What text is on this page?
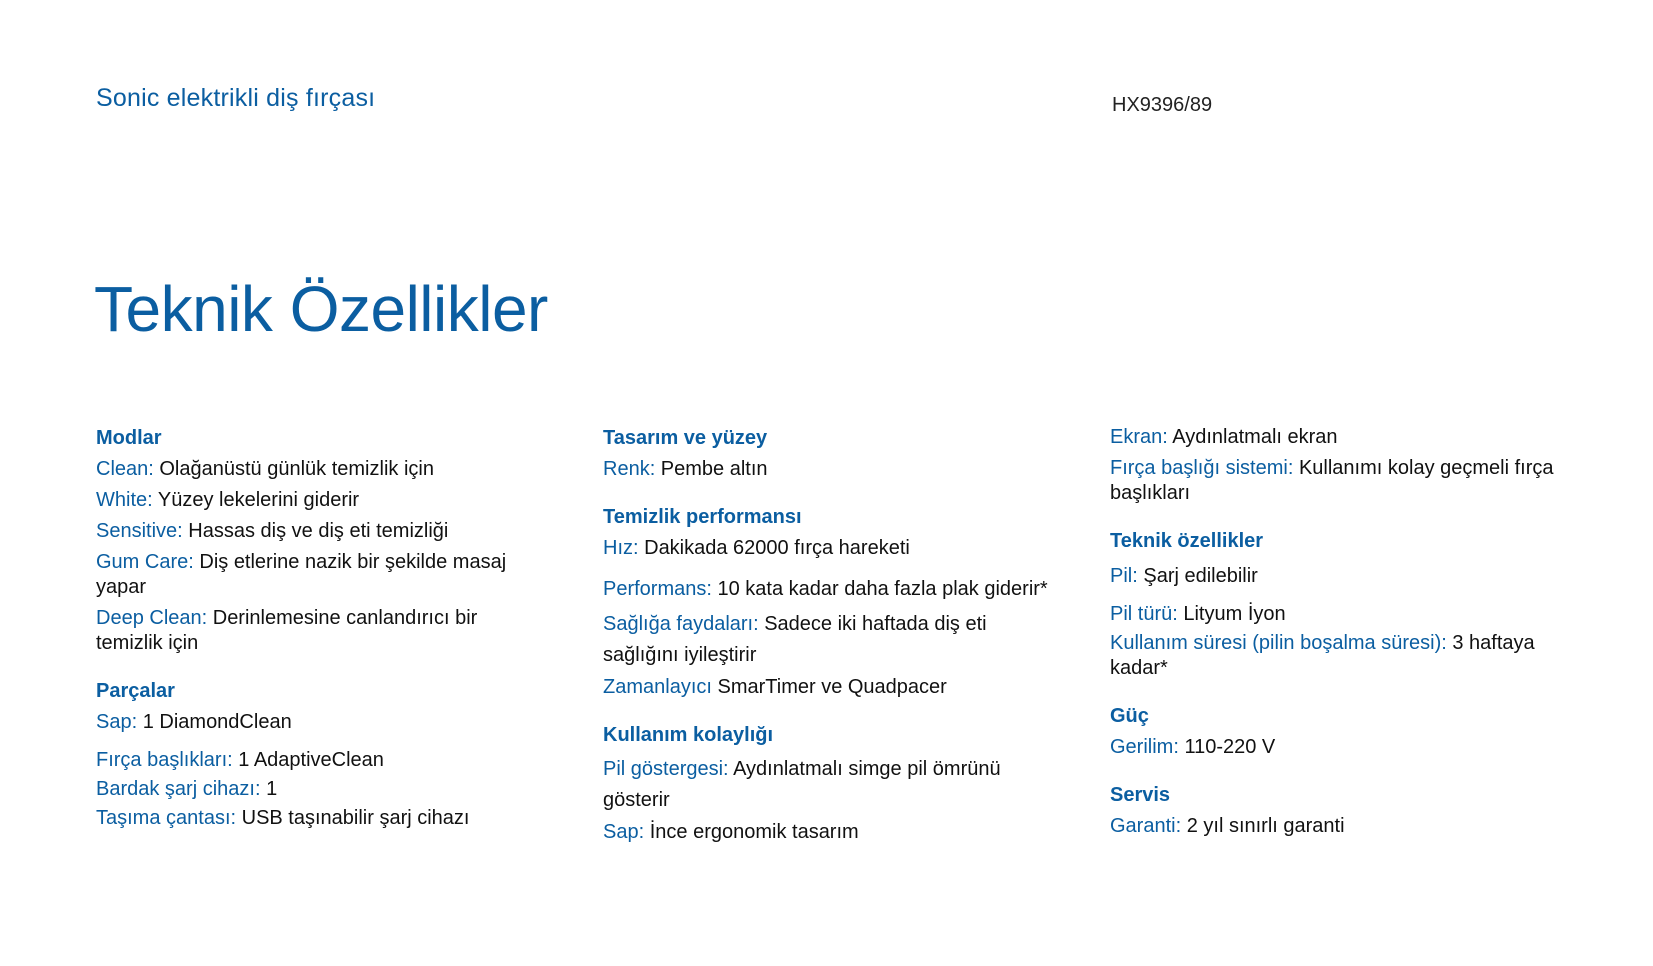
Sonic elektrikli diş fırçası	HX9396/89
Teknik Özellikler
Modlar
Clean: Olağanüstü günlük temizlik için
White: Yüzey lekelerini giderir
Sensitive: Hassas diş ve diş eti temizliği
Gum Care: Diş etlerine nazik bir şekilde masaj yapar
Deep Clean: Derinlemesine canlandırıcı bir temizlik için
Parçalar
Sap: 1 DiamondClean
Fırça başlıkları: 1 AdaptiveClean
Bardak şarj cihazı: 1
Taşıma çantası: USB taşınabilir şarj cihazı
Tasarım ve yüzey
Renk: Pembe altın
Temizlik performansı
Hız: Dakikada 62000 fırça hareketi
Performans: 10 kata kadar daha fazla plak giderir*
Sağlığa faydaları: Sadece iki haftada diş eti sağlığını iyileştirir
Zamanlayıcı SmarTimer ve Quadpacer
Kullanım kolaylığı
Pil göstergesi: Aydınlatmalı simge pil ömrünü gösterir
Sap: İnce ergonomik tasarım
Ekran: Aydınlatmalı ekran
Fırça başlığı sistemi: Kullanımı kolay geçmeli fırça başlıkları
Teknik özellikler
Pil: Şarj edilebilir
Pil türü: Lityum İyon
Kullanım süresi (pilin boşalma süresi): 3 haftaya kadar*
Güç
Gerilim: 110-220 V
Servis
Garanti: 2 yıl sınırlı garanti
